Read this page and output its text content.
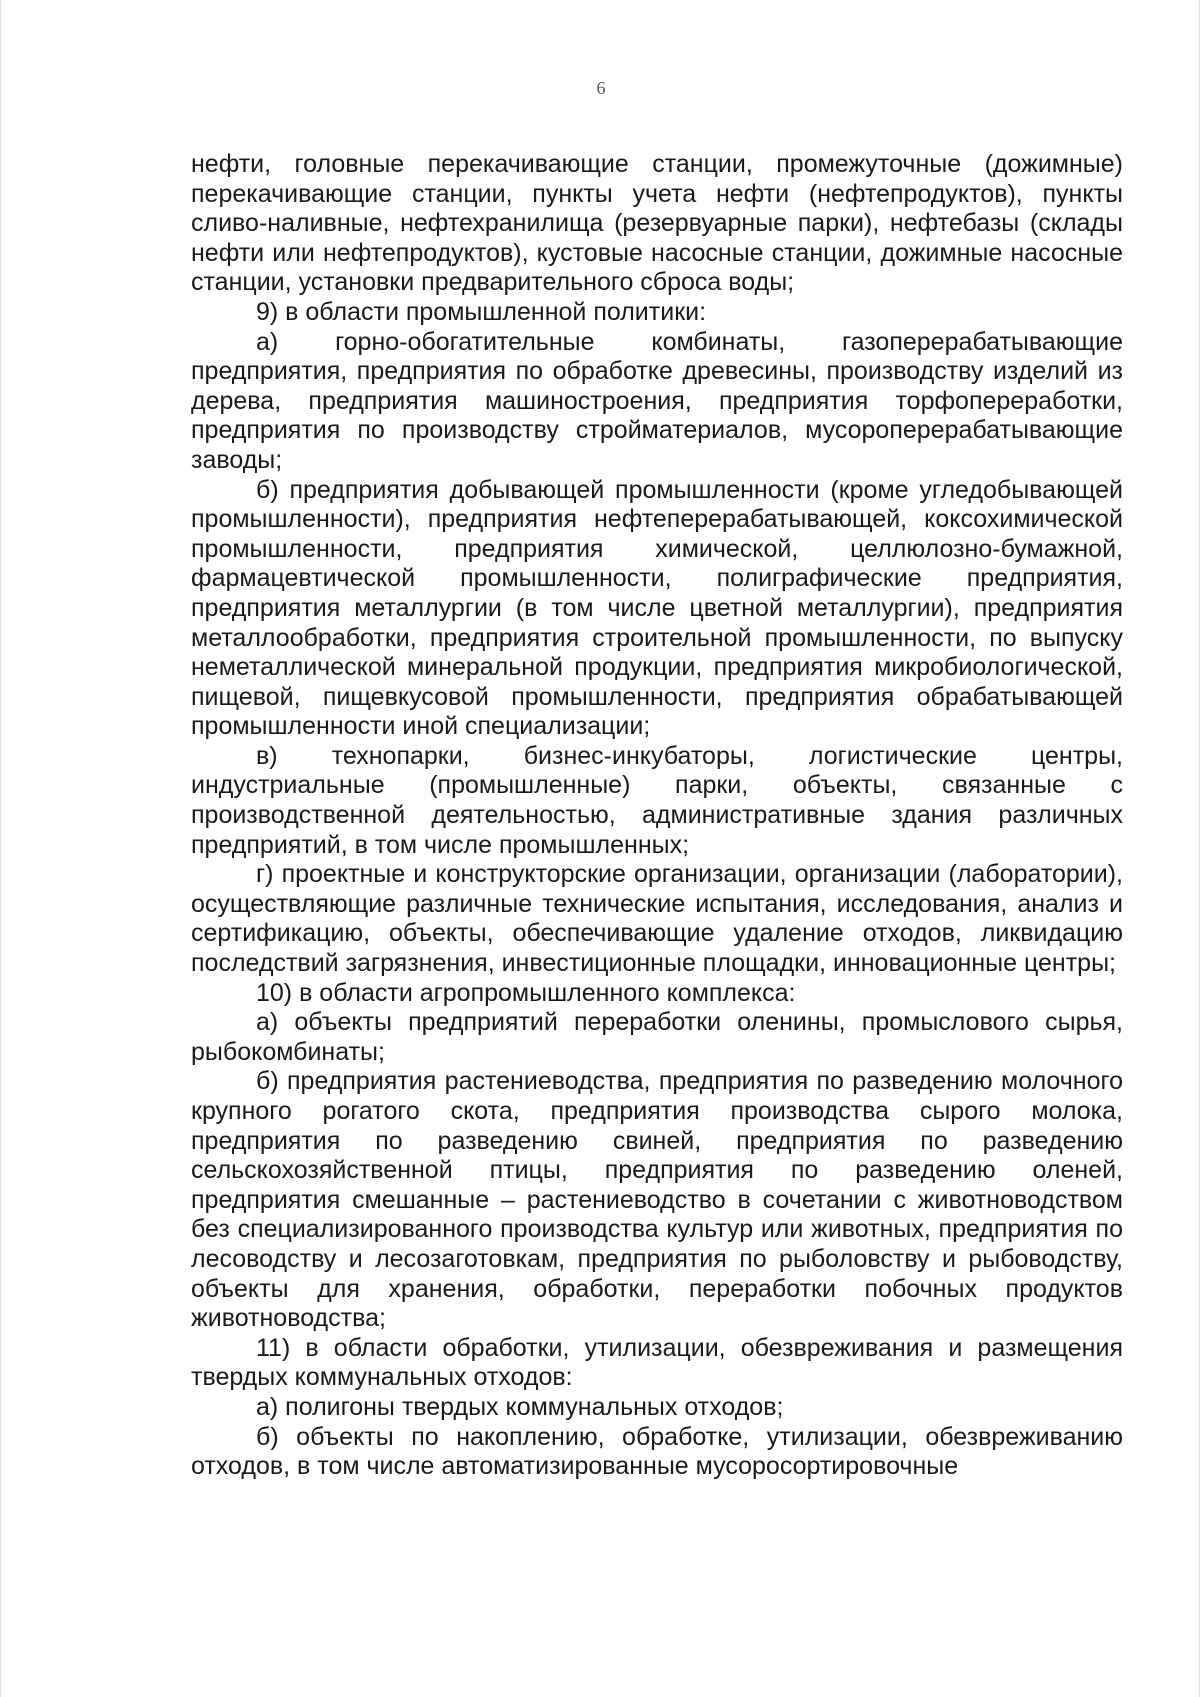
6

нефти, головные перекачивающие станции, промежуточные (дожимные) перекачивающие станции, пункты учета нефти (нефтепродуктов), пункты сливо-наливные, нефтехранилища (резервуарные парки), нефтебазы (склады нефти или нефтепродуктов), кустовые насосные станции, дожимные насосные станции, установки предварительного сброса воды;

9) в области промышленной политики:

а) горно-обогатительные комбинаты, газоперерабатывающие предприятия, предприятия по обработке древесины, производству изделий из дерева, предприятия машиностроения, предприятия торфопереработки, предприятия по производству стройматериалов, мусороперерабатывающие заводы;

б) предприятия добывающей промышленности (кроме угледобывающей промышленности), предприятия нефтеперерабатывающей, коксохимической промышленности, предприятия химической, целлюлозно-бумажной, фармацевтической промышленности, полиграфические предприятия, предприятия металлургии (в том числе цветной металлургии), предприятия металлообработки, предприятия строительной промышленности, по выпуску неметаллической минеральной продукции, предприятия микробиологической, пищевой, пищевкусовой промышленности, предприятия обрабатывающей промышленности иной специализации;

в) технопарки, бизнес-инкубаторы, логистические центры, индустриальные (промышленные) парки, объекты, связанные с производственной деятельностью, административные здания различных предприятий, в том числе промышленных;

г) проектные и конструкторские организации, организации (лаборатории), осуществляющие различные технические испытания, исследования, анализ и сертификацию, объекты, обеспечивающие удаление отходов, ликвидацию последствий загрязнения, инвестиционные площадки, инновационные центры;

10) в области агропромышленного комплекса:

а) объекты предприятий переработки оленины, промыслового сырья, рыбокомбинаты;

б) предприятия растениеводства, предприятия по разведению молочного крупного рогатого скота, предприятия производства сырого молока, предприятия по разведению свиней, предприятия по разведению сельскохозяйственной птицы, предприятия по разведению оленей, предприятия смешанные – растениеводство в сочетании с животноводством без специализированного производства культур или животных, предприятия по лесоводству и лесозаготовкам, предприятия по рыболовству и рыбоводству, объекты для хранения, обработки, переработки побочных продуктов животноводства;

11) в области обработки, утилизации, обезвреживания и размещения твердых коммунальных отходов:

а) полигоны твердых коммунальных отходов;

б) объекты по накоплению, обработке, утилизации, обезвреживанию отходов, в том числе автоматизированные мусоросортировочные
